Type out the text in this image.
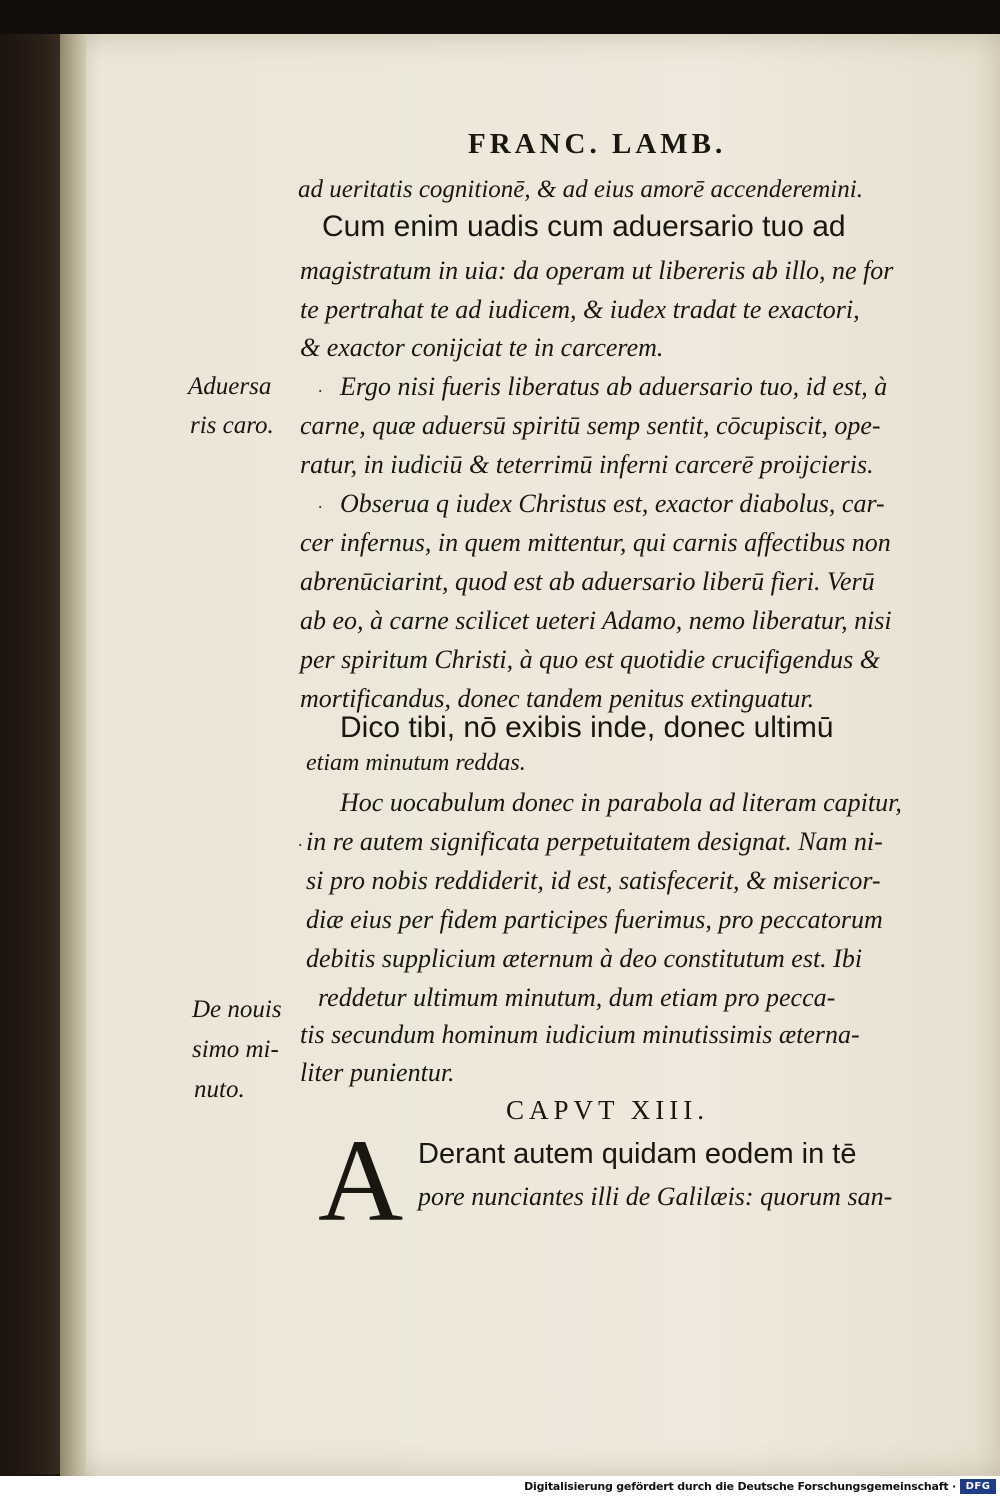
FRANC. LAMB.
ad ueritatis cognitionē, & ad eius amorē accenderemini.
Cum enim uadis cum aduersario tuo ad
magistratum in uia: da operam ut libereris ab illo, ne for
te pertrahat te ad iudicem, & iudex tradat te exactori,
& exactor conijciat te in carcerem.
Ergo nisi fueris liberatus ab aduersario tuo, id est, à
carne, quæ aduersū spiritū semp sentit, cōcupiscit, ope-
ratur, in iudiciū & teterrimū inferni carcerē proijcieris.
Obserua q iudex Christus est, exactor diabolus, car-
cer infernus, in quem mittentur, qui carnis affectibus non
abrenūciarint, quod est ab aduersario liberū fieri. Verū
ab eo, à carne scilicet ueteri Adamo, nemo liberatur, nisi
per spiritum Christi, à quo est quotidie crucifigendus &
mortificandus, donec tandem penitus extinguatur.
Dico tibi, nō exibis inde, donec ultimū
etiam minutum reddas.
Hoc uocabulum donec in parabola ad literam capitur,
in re autem significata perpetuitatem designat. Nam ni-
si pro nobis reddiderit, id est, satisfecerit, & misericor-
diæ eius per fidem participes fuerimus, pro peccatorum
debitis supplicium æternum à deo constitutum est. Ibi
reddetur ultimum minutum, dum etiam pro pecca-
tis secundum hominum iudicium minutissimis æterna-
liter punientur.
Aduersa
ris caro.
De nouis
simo mi-
nuto.
CAPVT XIII.
A Derant autem quidam eodem in tē
pore nunciantes illi de Galilæis: quorum san-
.
.
.
Digitalisierung gefördert durch die Deutsche Forschungsgemeinschaft · DFG
